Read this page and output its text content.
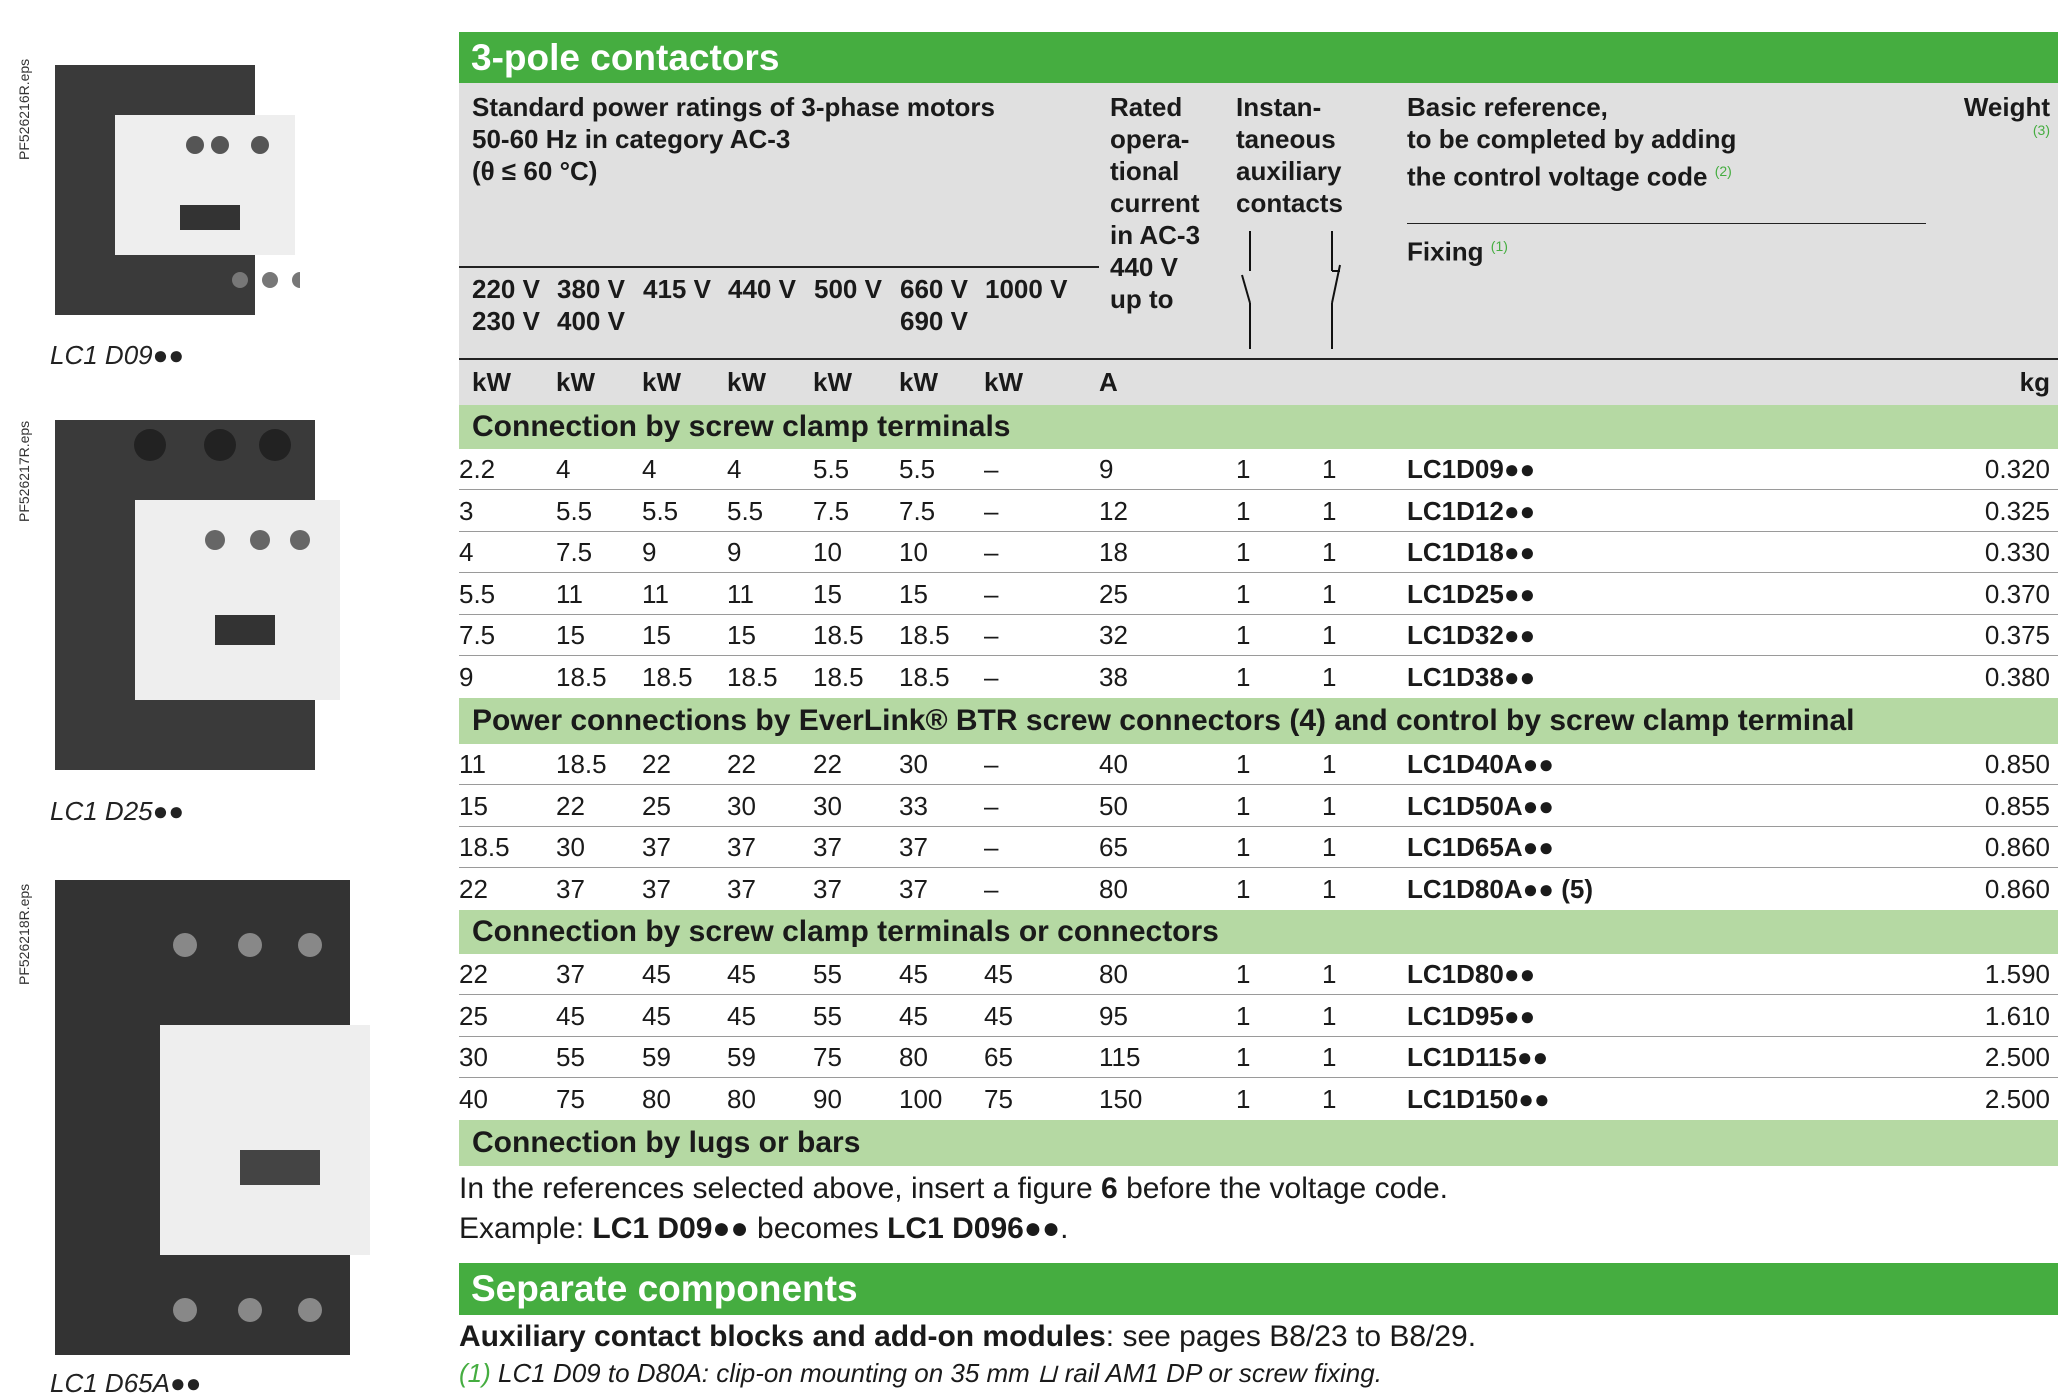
PF526216R.eps
PF526217R.eps
PF526218R.eps
LC1 D09●●
LC1 D25●●
LC1 D65A●●
3-pole contactors
Standard power ratings of 3-phase motors
50-60 Hz in category AC-3
(θ ≤ 60 °C)
220 V 380 V 415 V 440 V 500 V 660 V 1000 V
230 V 400 V	690 V
Rated
opera-
tional
current
in AC-3
440 V
up to
Instan-
taneous
auxiliary
contacts
Basic reference,
to be completed by adding
the control voltage code $^{(2)}$
Fixing $^{(1)}$
Weight
(3)
kW kW kW kW kW kW kW	A	kg
Connection by screw clamp terminals
2.2	4	4	4	5.5	5.5	–	9	1	1	LC1D09●●	0.320
3	5.5	5.5	5.5	7.5	7.5	–	12	1	1	LC1D12●●	0.325
4	7.5	9	9	10	10	–	18	1	1	LC1D18●●	0.330
5.5	11	11	11	15	15	–	25	1	1	LC1D25●●	0.370
7.5	15	15	15	18.5	18.5	–	32	1	1	LC1D32●●	0.375
9	18.5	18.5	18.5	18.5	18.5	–	38	1	1	LC1D38●●	0.380
Power connections by EverLink® BTR screw connectors (4) and control by screw clamp terminal
11	18.5	22	22	22	30	–	40	1	1	LC1D40A●●	0.850
15	22	25	30	30	33	–	50	1	1	LC1D50A●●	0.855
18.5	30	37	37	37	37	–	65	1	1	LC1D65A●●	0.860
22	37	37	37	37	37	–	80	1	1	LC1D80A●● (5)	0.860
Connection by screw clamp terminals or connectors
22	37	45	45	55	45	45	80	1	1	LC1D80●●	1.590
25	45	45	45	55	45	45	95	1	1	LC1D95●●	1.610
30	55	59	59	75	80	65	115	1	1	LC1D115●●	2.500
40	75	80	80	90	100	75	150	1	1	LC1D150●●	2.500
Connection by lugs or bars
In the references selected above, insert a figure 6 before the voltage code.
Example: LC1 D09●● becomes LC1 D096●●.
Separate components
Auxiliary contact blocks and add-on modules: see pages B8/23 to B8/29.
(1) LC1 D09 to D80A: clip-on mounting on 35 mm ⊔ rail AM1 DP or screw fixing.
